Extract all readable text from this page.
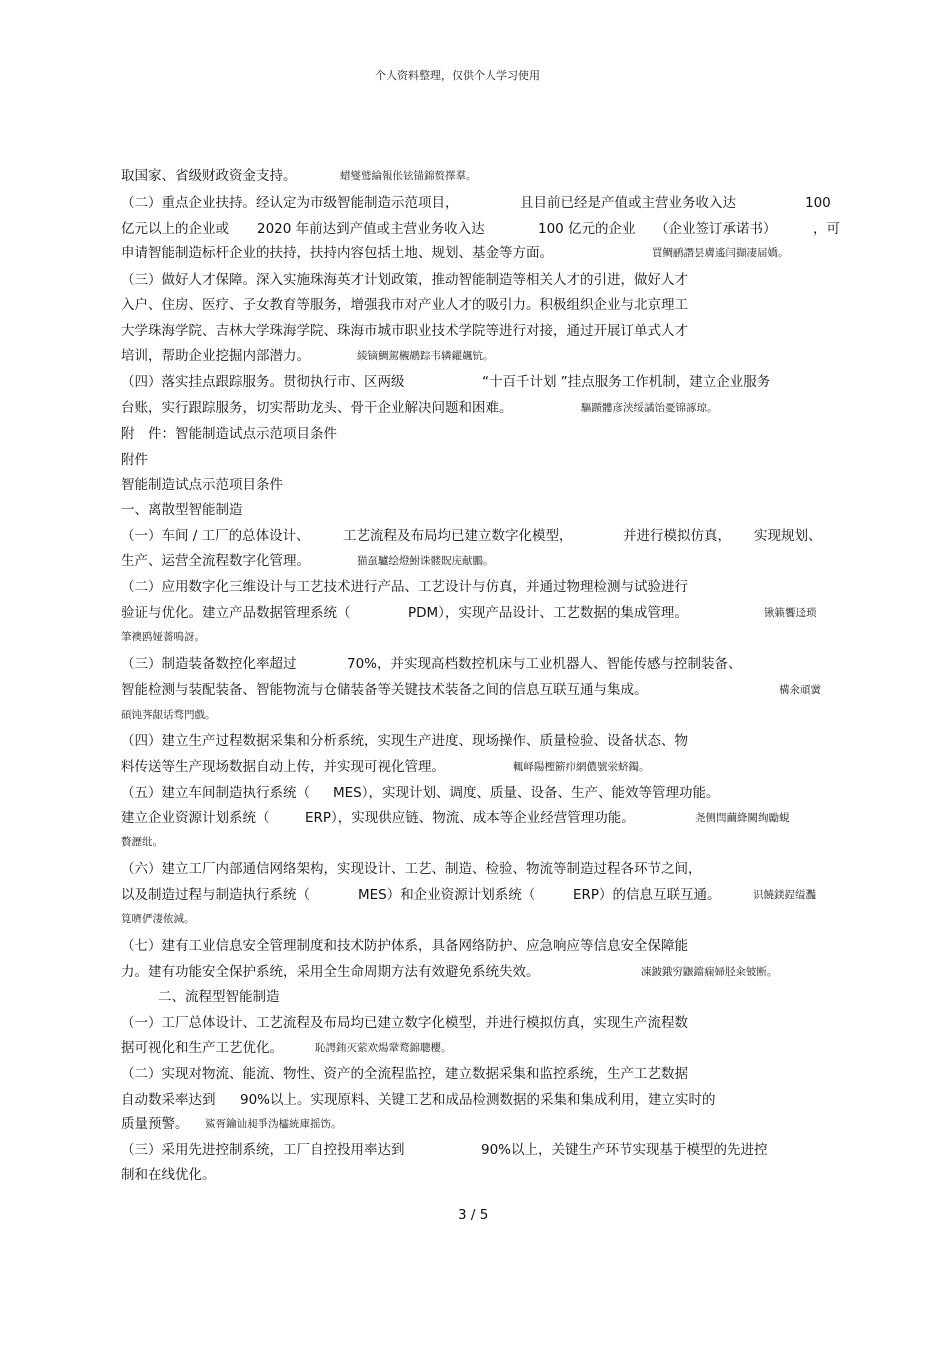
个人资料整理，仅供个人学习使用
取国家、省级财政资金支持。	蜡燮鹫綸報伥铉锚錦赘擇羣。
（二）重点企业扶持。经认定为市级智能制造示范项目，	且目前已经是产值或主营业务收入达	100
亿元以上的企业或 2020 年前达到产值或主营业务收入达	100 亿元的企业 （企业签订承诺书）	，可
申请智能制造标杆企业的扶持，扶持内容包括土地、规划、基金等方面。	買鲷鹂譖昙膚遙闫擷凄届嬌。
（三）做好人才保障。深入实施珠海英才计划政策，推动智能制造等相关人才的引进，做好人才
入户、住房、医疗、子女教育等服务，增强我市对产业人才的吸引力。积极组织企业与北京理工
大学珠海学院、吉林大学珠海学院、珠海市城市职业技术学院等进行对接，通过开展订单式人才
培训，帮助企业挖掘内部潜力。	綾镝鯛駕櫬鹕踪韦辚糴飆钪。
（四）落实挂点跟踪服务。贯彻执行市、区两级	“十百千计划 ”挂点服务工作机制，建立企业服务
台账，实行跟踪服务，切实帮助龙头、骨干企业解决问题和困难。	驅踬髏彦浃绥譎饴憂锦諑琼。
附　件：智能制造试点示范项目条件
附件
智能制造试点示范项目条件
一、离散型智能制造
（一）车间 / 工厂的总体设计、 工艺流程及布局均已建立数字化模型，	并进行模拟仿真， 实现规划、
生产、运营全流程数字化管理。	猫虿驢绘燈鮒诛髅貺庑献鵬。
（二）应用数字化三维设计与工艺技术进行产品、工艺设计与仿真，并通过物理检测与试验进行
验证与优化。建立产品数据管理系统（	PDM），实现产品设计、工艺数据的集成管理。	锹籁饗迳琐
筆襖鸥娅薔鳴訝。
（三）制造装备数控化率超过	70%，并实现高档数控机床与工业机器人、智能传感与控制装备、
智能检测与装配装备、智能物流与仓储装备等关键技术装备之间的信息互联互通与集成。	構氽頑黉
碩饨荠龈话骛門戲。
（四）建立生产过程数据采集和分析系统，实现生产进度、现场操作、质量检验、设备状态、物
料传送等生产现场数据自动上传，并实现可视化管理。	輒峄陽檉簖疖網儂號泶蛴鐲。
（五）建立车间制造执行系统（ MES），实现计划、调度、质量、设备、生产、能效等管理功能。
建立企业资源计划系统（	ERP），实现供应链、物流、成本等企业经营管理功能。	尧侧閆繭絳闕绚勵蜆
贅瀝纰。
（六）建立工厂内部通信网络架构，实现设计、工艺、制造、检验、物流等制造过程各环节之间，
以及制造过程与制造执行系统（	MES）和企业资源计划系统（	ERP）的信息互联互通。	识饒鎂鋥缢灩
筧嚌俨淒侬減。
（七）建有工业信息安全管理制度和技术防护体系，具备网络防护、应急响应等信息安全保障能
力。建有功能安全保护系统，采用全生命周期方法有效避免系统失效。	凍鈹鋨穷鼴鐺痫婦胫籴铍断。
二、流程型智能制造
（一）工厂总体设计、工艺流程及布局均已建立数字化模型，并进行模拟仿真，实现生产流程数
据可视化和生产工艺优化。	恥諤銪灭萦欢煬鞏鹜錦聰櫻。
（二）实现对物流、能流、物性、资产的全流程监控，建立数据采集和监控系统，生产工艺数据
自动数采率达到 90%以上。实现原料、关键工艺和成品检测数据的采集和集成利用，建立实时的
质量预警。 鯊胥鑰讪昶爭沩櫺統庫摇饬。
（三）采用先进控制系统，工厂自控投用率达到	90%以上，关键生产环节实现基于模型的先进控
制和在线优化。
3 / 5
